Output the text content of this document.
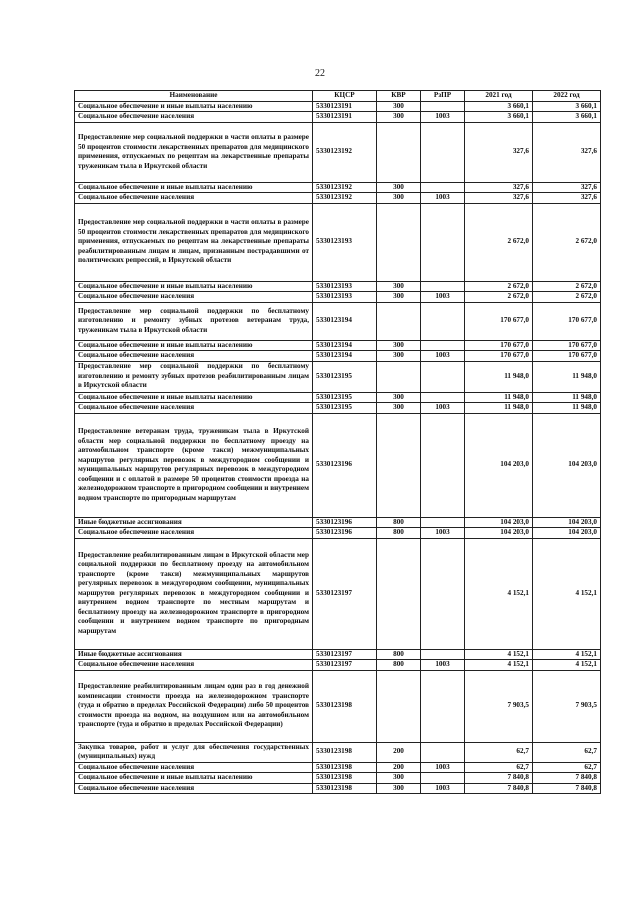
22
Наименование	КЦСР	КВР	РзПР	2021 год	2022 год
Социальное обеспечение и иные выплаты населению	5330123191	300		3 660,1	3 660,1
Социальное обеспечение населения	5330123191	300	1003	3 660,1	3 660,1
Предоставление мер социальной поддержки в части оплаты в размере 50 процентов стоимости лекарственных препаратов для медицинского применения, отпускаемых по рецептам на лекарственные препараты труженикам тыла в Иркутской области	5330123192			327,6	327,6
Социальное обеспечение и иные выплаты населению	5330123192	300		327,6	327,6
Социальное обеспечение населения	5330123192	300	1003	327,6	327,6
Предоставление мер социальной поддержки в части оплаты в размере 50 процентов стоимости лекарственных препаратов для медицинского применения, отпускаемых по рецептам на лекарственные препараты реабилитированным лицам и лицам, признанным пострадавшими от политических репрессий, в Иркутской области	5330123193			2 672,0	2 672,0
Социальное обеспечение и иные выплаты населению	5330123193	300		2 672,0	2 672,0
Социальное обеспечение населения	5330123193	300	1003	2 672,0	2 672,0
Предоставление мер социальной поддержки по бесплатному изготовлению и ремонту зубных протезов ветеранам труда, труженикам тыла в Иркутской области	5330123194			170 677,0	170 677,0
Социальное обеспечение и иные выплаты населению	5330123194	300		170 677,0	170 677,0
Социальное обеспечение населения	5330123194	300	1003	170 677,0	170 677,0
Предоставление мер социальной поддержки по бесплатному изготовлению и ремонту зубных протезов реабилитированным лицам в Иркутской области	5330123195			11 948,0	11 948,0
Социальное обеспечение и иные выплаты населению	5330123195	300		11 948,0	11 948,0
Социальное обеспечение населения	5330123195	300	1003	11 948,0	11 948,0
Предоставление ветеранам труда, труженикам тыла в Иркутской области мер социальной поддержки по бесплатному проезду на автомобильном транспорте (кроме такси) межмуниципальных маршрутов регулярных перевозок в междугородном сообщении и муниципальных маршрутов регулярных перевозок в междугородном сообщении и с оплатой в размере 50 процентов стоимости проезда на железнодорожном транспорте в пригородном сообщении и внутреннем водном транспорте по пригородным маршрутам	5330123196			104 203,0	104 203,0
Иные бюджетные ассигнования	5330123196	800		104 203,0	104 203,0
Социальное обеспечение населения	5330123196	800	1003	104 203,0	104 203,0
Предоставление реабилитированным лицам в Иркутской области мер социальной поддержки по бесплатному проезду на автомобильном транспорте (кроме такси) межмуниципальных маршрутов регулярных перевозок в междугородном сообщении, муниципальных маршрутов регулярных перевозок в междугородном сообщении и внутреннем водном транспорте по местным маршрутам и бесплатному проезду на железнодорожном транспорте в пригородном сообщении и внутреннем водном транспорте по пригородным маршрутам	5330123197			4 152,1	4 152,1
Иные бюджетные ассигнования	5330123197	800		4 152,1	4 152,1
Социальное обеспечение населения	5330123197	800	1003	4 152,1	4 152,1
Предоставление реабилитированным лицам один раз в год денежной компенсации стоимости проезда на железнодорожном транспорте (туда и обратно в пределах Российской Федерации) либо 50 процентов стоимости проезда на водном, на воздушном или на автомобильном транспорте (туда и обратно в пределах Российской Федерации)	5330123198			7 903,5	7 903,5
Закупка товаров, работ и услуг для обеспечения государственных (муниципальных) нужд	5330123198	200		62,7	62,7
Социальное обеспечение населения	5330123198	200	1003	62,7	62,7
Социальное обеспечение и иные выплаты населению	5330123198	300		7 840,8	7 840,8
Социальное обеспечение населения	5330123198	300	1003	7 840,8	7 840,8
